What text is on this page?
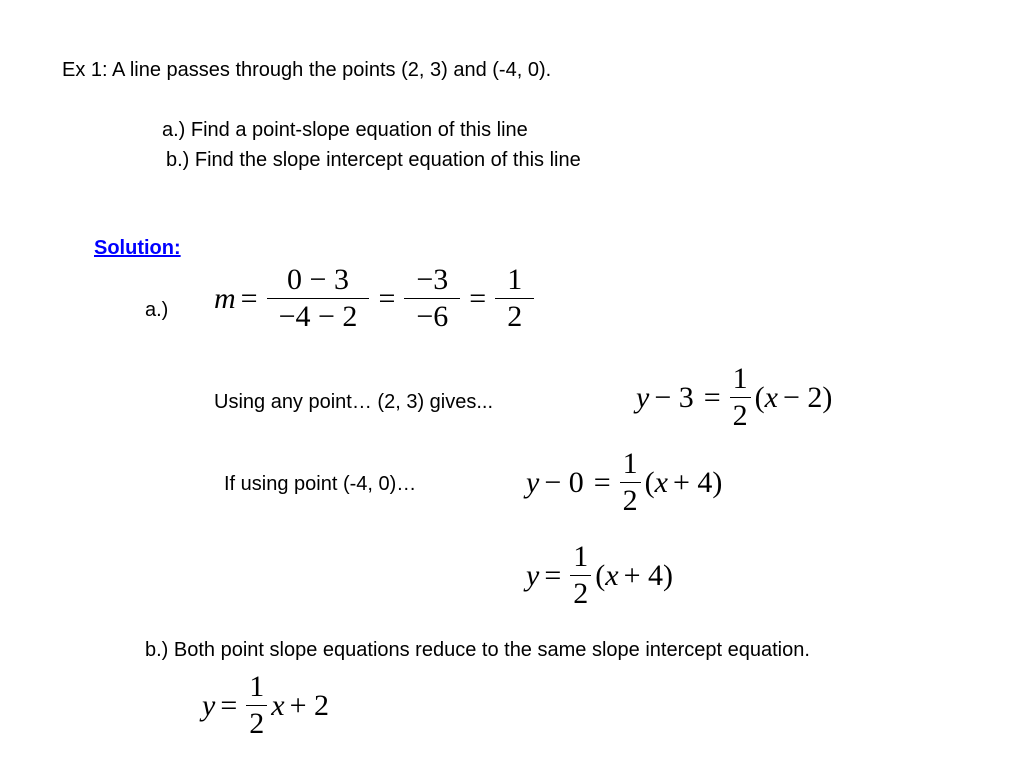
Ex 1: A line passes through the points (2, 3) and (-4, 0).
a.) Find a point-slope equation of this line
b.) Find the slope intercept equation of this line
Solution:
a.) $m = \frac{0 - 3}{-4 - 2} = \frac{-3}{-6} = \frac{1}{2}$
Using any point… (2, 3) gives...	$y - 3 = \frac{1}{2}$ ( x − 2)
If using point (-4, 0)…	$y - 0 = \frac{1}{2}$ ( x + 4)
$y = \frac{1}{2}$ ( x + 4)
b.) Both point slope equations reduce to the same slope intercept equation.
$y = \frac{1}{2}$ x + 2
